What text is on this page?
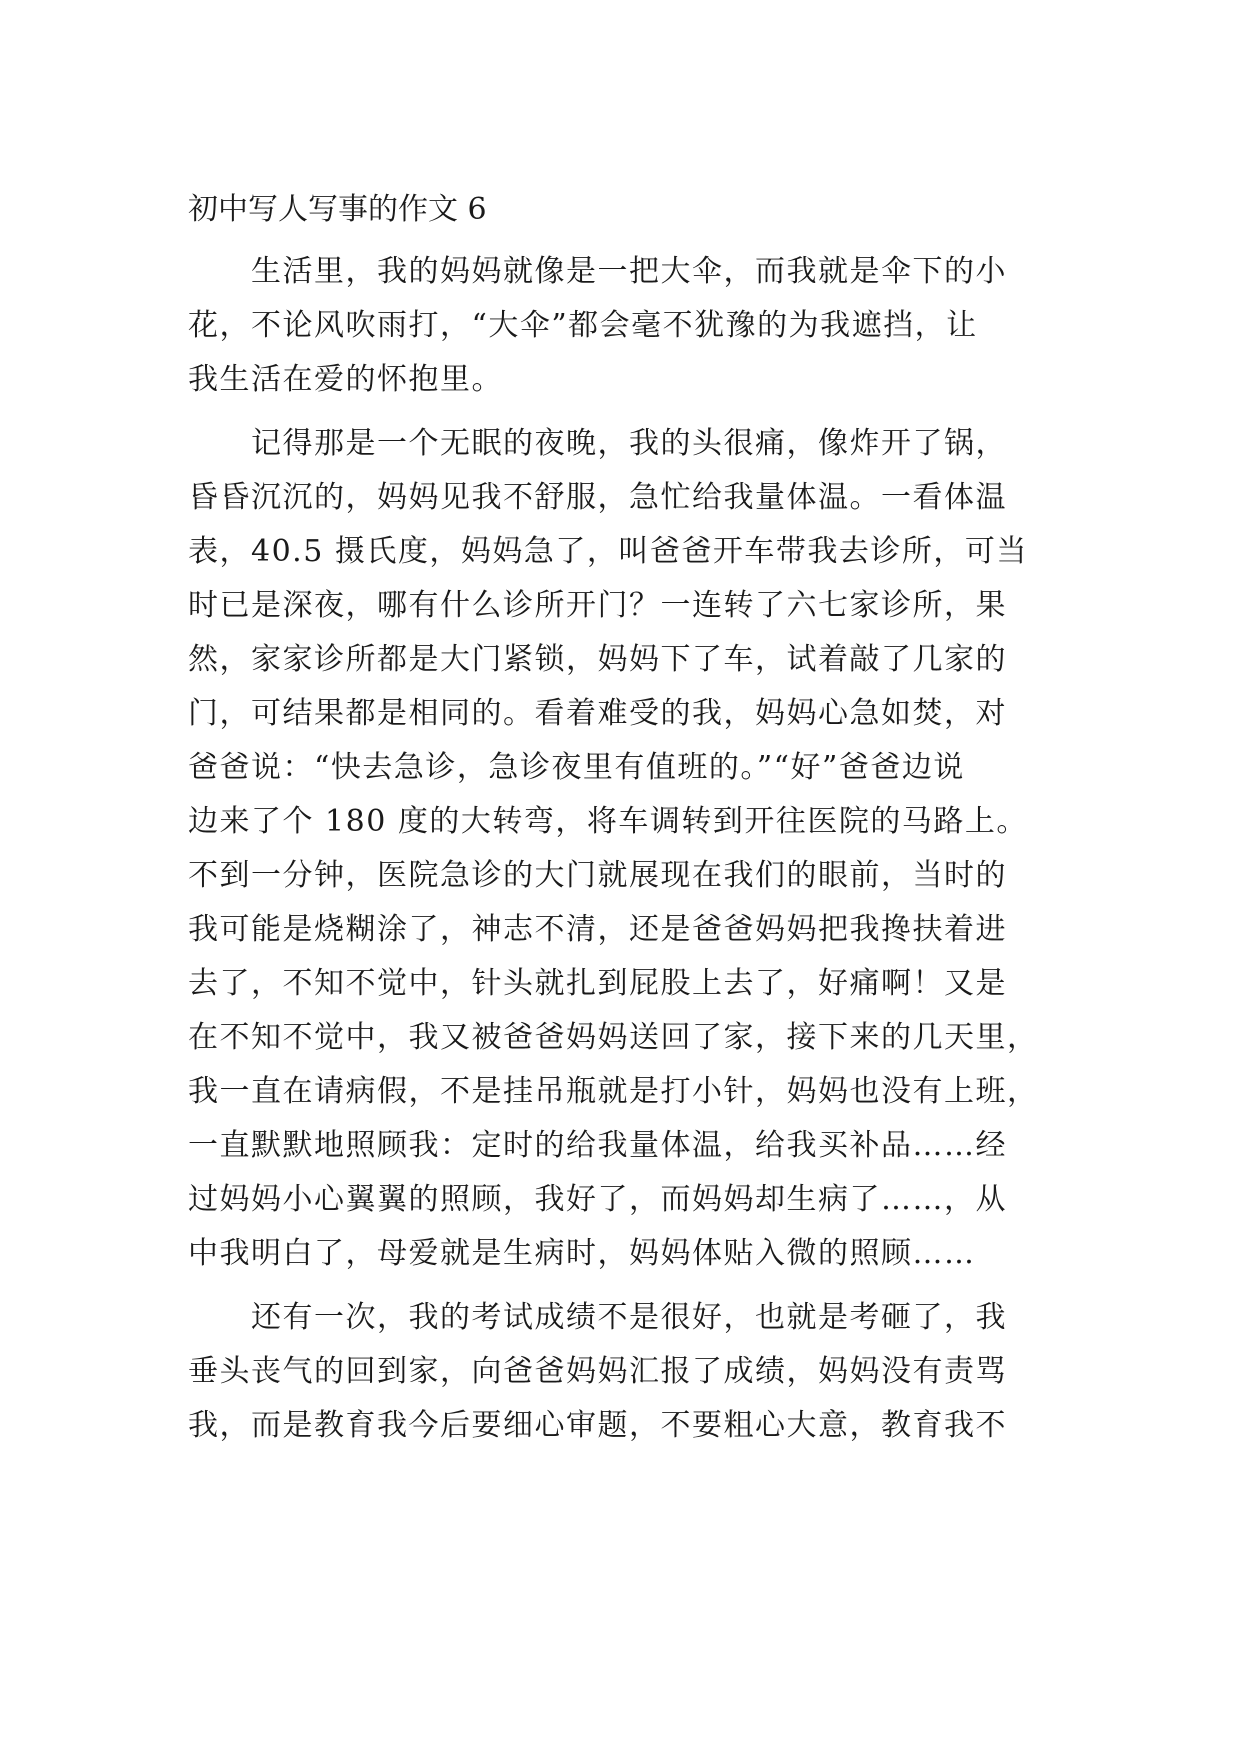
初中写人写事的作文 6
　　生活里，我的妈妈就像是一把大伞，而我就是伞下的小
花，不论风吹雨打，“大伞”都会毫不犹豫的为我遮挡，让
我生活在爱的怀抱里。
　　记得那是一个无眠的夜晚，我的头很痛，像炸开了锅，
昏昏沉沉的，妈妈见我不舒服，急忙给我量体温。一看体温
表，40.5 摄氏度，妈妈急了，叫爸爸开车带我去诊所，可当
时已是深夜，哪有什么诊所开门？一连转了六七家诊所，果
然，家家诊所都是大门紧锁，妈妈下了车，试着敲了几家的
门，可结果都是相同的。看着难受的我，妈妈心急如焚，对
爸爸说：“快去急诊，急诊夜里有值班的。”“好”爸爸边说
边来了个 180 度的大转弯，将车调转到开往医院的马路上。
不到一分钟，医院急诊的大门就展现在我们的眼前，当时的
我可能是烧糊涂了，神志不清，还是爸爸妈妈把我搀扶着进
去了，不知不觉中，针头就扎到屁股上去了，好痛啊！又是
在不知不觉中，我又被爸爸妈妈送回了家，接下来的几天里，
我一直在请病假，不是挂吊瓶就是打小针，妈妈也没有上班，
一直默默地照顾我：定时的给我量体温，给我买补品……经
过妈妈小心翼翼的照顾，我好了，而妈妈却生病了……，从
中我明白了，母爱就是生病时，妈妈体贴入微的照顾……
　　还有一次，我的考试成绩不是很好，也就是考砸了，我
垂头丧气的回到家，向爸爸妈妈汇报了成绩，妈妈没有责骂
我，而是教育我今后要细心审题，不要粗心大意，教育我不
